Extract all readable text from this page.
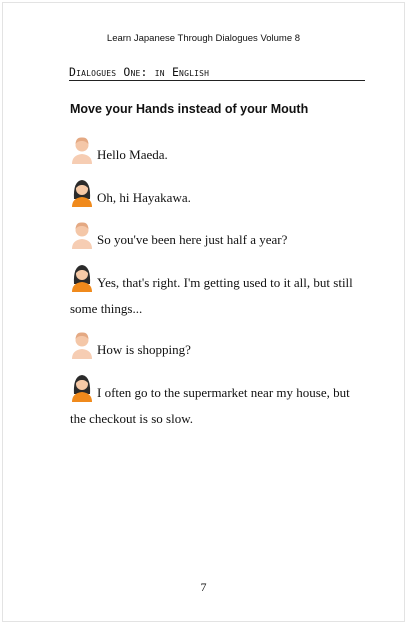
Learn Japanese Through Dialogues Volume 8
Dialogues One: in English
Move your Hands instead of your Mouth
Hello Maeda.
Oh, hi Hayakawa.
So you've been here just half a year?
Yes, that's right. I'm getting used to it all, but still some things...
How is shopping?
I often go to the supermarket near my house, but the checkout is so slow.
7
